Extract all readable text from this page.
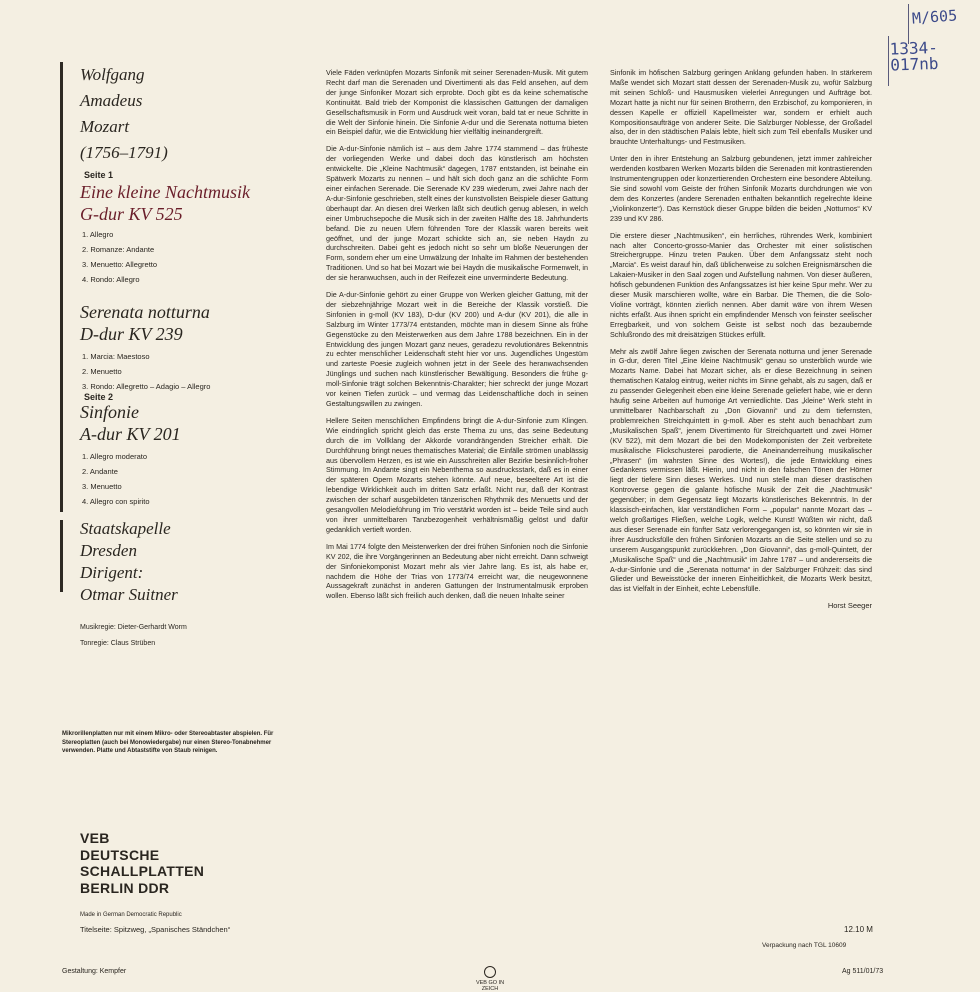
M/605
1334-017nb
Wolfgang
Amadeus
Mozart
(1756–1791)
Seite 1
Eine kleine Nachtmusik
G-dur KV 525
1. Allegro
2. Romanze: Andante
3. Menuetto: Allegretto
4. Rondo: Allegro
Serenata notturna
D-dur KV 239
1. Marcia: Maestoso
2. Menuetto
3. Rondo: Allegretto – Adagio – Allegro
Seite 2
Sinfonie
A-dur KV 201
1. Allegro moderato
2. Andante
3. Menuetto
4. Allegro con spirito
Staatskapelle
Dresden
Dirigent:
Otmar Suitner
Musikregie: Dieter-Gerhardt Worm
Tonregie: Claus Strüben
Mikrorillenplatten nur mit einem Mikro- oder Stereoabtaster abspielen. Für Stereoplatten (auch bei Monowiedergabe) nur einen Stereo-Tonabnehmer verwenden. Platte und Abtaststifte von Staub reinigen.
VEB
DEUTSCHE
SCHALLPLATTEN
BERLIN DDR
Made in German Democratic Republic
Titelseite: Spitzweg, „Spanisches Ständchen“
Gestaltung: Kempfer

Viele Fäden verknüpfen Mozarts Sinfonik mit seiner Serenaden-Musik. Mit gutem Recht darf man die Serenaden und Divertimenti als das Feld ansehen, auf dem der junge Sinfoniker Mozart sich erprobte. Doch gibt es da keine schematische Kontinuität. Bald trieb der Komponist die klassischen Gattungen der damaligen Gesellschaftsmusik in Form und Ausdruck weit voran, bald tat er neue Schritte in die Welt der Sinfonie hinein. Die Sinfonie A-dur und die Serenata notturna bieten ein Beispiel dafür, wie die Entwicklung hier vielfältig ineinandergreift.

Die A-dur-Sinfonie nämlich ist – aus dem Jahre 1774 stammend – das früheste der vorliegenden Werke und dabei doch das künstlerisch am höchsten entwickelte. Die „Kleine Nachtmusik“ dagegen, 1787 entstanden, ist beinahe ein Spätwerk Mozarts zu nennen – und hält sich doch ganz an die schlichte Form einer einfachen Serenade. Die Serenade KV 239 wiederum, zwei Jahre nach der A-dur-Sinfonie geschrieben, stellt eines der kunstvollsten Beispiele dieser Gattung überhaupt dar. An diesen drei Werken läßt sich deutlich genug ablesen, in welch einer Umbruchsepoche die Musik sich in der zweiten Hälfte des 18. Jahrhunderts befand. Die zu neuen Ufern führenden Tore der Klassik waren bereits weit geöffnet, und der junge Mozart schickte sich an, sie neben Haydn zu durchschreiten. Dabei geht es jedoch nicht so sehr um bloße Neuerungen der Form, sondern eher um eine Umwälzung der Inhalte im Rahmen der bestehenden Traditionen. Und so hat bei Mozart wie bei Haydn die musikalische Formenwelt, in der sie heranwuchsen, auch in der Reifezeit eine unverminderte Bedeutung.

Die A-dur-Sinfonie gehört zu einer Gruppe von Werken gleicher Gattung, mit der der siebzehnjährige Mozart weit in die Bereiche der Klassik vorstieß. Die Sinfonien in g-moll (KV 183), D-dur (KV 200) und A-dur (KV 201), die alle in Salzburg im Winter 1773/74 entstanden, möchte man in diesem Sinne als frühe Gegenstücke zu den Meisterwerken aus dem Jahre 1788 bezeichnen. Ein in der Entwicklung des jungen Mozart ganz neues, geradezu revolutionäres Bekenntnis zu echter menschlicher Leidenschaft steht hier vor uns. Jugendliches Ungestüm und zarteste Poesie zugleich wohnen jetzt in der Seele des heranwachsenden Jünglings und suchen nach künstlerischer Bewältigung. Besonders die frühe g-moll-Sinfonie trägt solchen Bekenntnis-Charakter; hier schreckt der junge Mozart vor keinen Tiefen zurück – und vermag das Leidenschaftliche doch in seinen Gestaltungswillen zu zwingen.

Hellere Seiten menschlichen Empfindens bringt die A-dur-Sinfonie zum Klingen. Wie eindringlich spricht gleich das erste Thema zu uns, das seine Bedeutung durch die im Vollklang der Akkorde vorandrängenden Streicher erhält. Die Durchführung bringt neues thematisches Material; die Einfälle strömen unablässig aus übervollem Herzen, es ist wie ein Ausschreiten aller Bezirke besinnlich-froher Stimmung. Im Andante singt ein Nebenthema so ausdrucksstark, daß es in einer der späteren Opern Mozarts stehen könnte. Auf neue, beseeltere Art ist die lebendige Wirklichkeit auch im dritten Satz erfaßt. Nicht nur, daß der Kontrast zwischen der scharf ausgebildeten tänzerischen Rhythmik des Menuetts und der gesangvollen Melodieführung im Trio verstärkt worden ist – beide Teile sind auch von ihrer unmittelbaren Tanzbezogenheit verhältnismäßig gelöst und dafür gedanklich vertieft worden.

Im Mai 1774 folgte den Meisterwerken der drei frühen Sinfonien noch die Sinfonie KV 202, die ihre Vorgängerinnen an Bedeutung aber nicht erreicht. Dann schweigt der Sinfoniekomponist Mozart mehr als vier Jahre lang. Es ist, als habe er, nachdem die Höhe der Trias von 1773/74 erreicht war, die neugewonnene Aussagekraft zunächst in anderen Gattungen der Instrumentalmusik erproben wollen. Ebenso läßt sich freilich auch denken, daß die neuen Inhalte seiner

Sinfonik im höfischen Salzburg geringen Anklang gefunden haben. In stärkerem Maße wendet sich Mozart statt dessen der Serenaden-Musik zu, wofür Salzburg mit seinen Schloß- und Hausmusiken vielerlei Anregungen und Aufträge bot. Mozart hatte ja nicht nur für seinen Brotherrn, den Erzbischof, zu komponieren, in dessen Kapelle er offiziell Kapellmeister war, sondern er erhielt auch Kompositionsaufträge von anderer Seite. Die Salzburger Noblesse, der Großadel also, der in den städtischen Palais lebte, hielt sich zum Teil ebenfalls Musiker und brauchte Unterhaltungs- und Festmusiken.

Unter den in ihrer Entstehung an Salzburg gebundenen, jetzt immer zahlreicher werdenden kostbaren Werken Mozarts bilden die Serenaden mit kontrastierenden Instrumentengruppen oder konzertierenden Orchestern eine besondere Abteilung. Sie sind sowohl vom Geiste der frühen Sinfonik Mozarts durchdrungen wie von dem des Konzertes (andere Serenaden enthalten bekanntlich regelrechte kleine „Violinkonzerte“). Das Kernstück dieser Gruppe bilden die beiden „Notturnos“ KV 239 und KV 286.

Die erstere dieser „Nachtmusiken“, ein herrliches, rührendes Werk, kombiniert nach alter Concerto-grosso-Manier das Orchester mit einer solistischen Streichergruppe. Hinzu treten Pauken. Über dem Anfangssatz steht noch „Marcia“. Es weist darauf hin, daß üblicherweise zu solchen Ereignismärschen die Lakaien-Musiker in den Saal zogen und Aufstellung nahmen. Von dieser äußeren, höfisch gebundenen Funktion des Anfangssatzes ist hier keine Spur mehr. Wer zu dieser Musik marschieren wollte, wäre ein Barbar. Die Themen, die die Solo-Violine vorträgt, könnten zierlich nennen. Aber damit wäre von ihrem Wesen nichts erfaßt. Aus ihnen spricht ein empfindender Mensch von feinster seelischer Erregbarkeit, und von solchem Geiste ist selbst noch das bezaubernde Schlußrondo des mit dreisätzigen Stückes erfüllt.

Mehr als zwölf Jahre liegen zwischen der Serenata notturna und jener Serenade in G-dur, deren Titel „Eine kleine Nachtmusik“ genau so unsterblich wurde wie Mozarts Name. Dabei hat Mozart sicher, als er diese Bezeichnung in seinen thematischen Katalog eintrug, weiter nichts im Sinne gehabt, als zu sagen, daß er zu passender Gelegenheit eben eine kleine Serenade geliefert habe, wie er denn häufig seine Arbeiten auf humorige Art verniedlichte. Das „kleine“ Werk steht in unmittelbarer Nachbarschaft zu „Don Giovanni“ und zu dem tiefernsten, problemreichen Streichquintett in g-moll. Aber es steht auch benachbart zum „Musikalischen Spaß“, jenem Divertimento für Streichquartett und zwei Hörner (KV 522), mit dem Mozart die bei den Modekomponisten der Zeit verbreitete musikalische Flickschusterei parodierte, die Aneinanderreihung musikalischer „Phrasen“ (im wahrsten Sinne des Wortes!), die jede Entwicklung eines Gedankens vermissen läßt. Hierin, und nicht in den falschen Tönen der Hörner liegt der tiefere Sinn dieses Werkes. Und nun stelle man dieser drastischen Kontroverse gegen die galante höfische Musik der Zeit die „Nachtmusik“ gegenüber; in dem Gegensatz liegt Mozarts künstlerisches Bekenntnis. In der klassisch-einfachen, klar verständlichen Form – „popular“ nannte Mozart das – welch großartiges Fließen, welche Logik, welche Kunst! Wüßten wir nicht, daß aus dieser Serenade ein fünfter Satz verlorengegangen ist, so könnten wir sie in ihrer Ausdrucksfülle den frühen Sinfonien Mozarts an die Seite stellen und so zu unserem Ausgangspunkt zurückkehren. „Don Giovanni“, das g-moll-Quintett, der „Musikalische Spaß“ und die „Nachtmusik“ im Jahre 1787 – und andererseits die A-dur-Sinfonie und die „Serenata notturna“ in der Salzburger Frühzeit: das sind Glieder und Beweisstücke der inneren Einheitlichkeit, die Mozarts Werk besitzt, das ist Vielfalt in der Einheit, echte Lebensfülle.

Horst Seeger
12.10 M
Verpackung nach TGL 10609
VEB GO IN ZEICH
Ag 511/01/73
